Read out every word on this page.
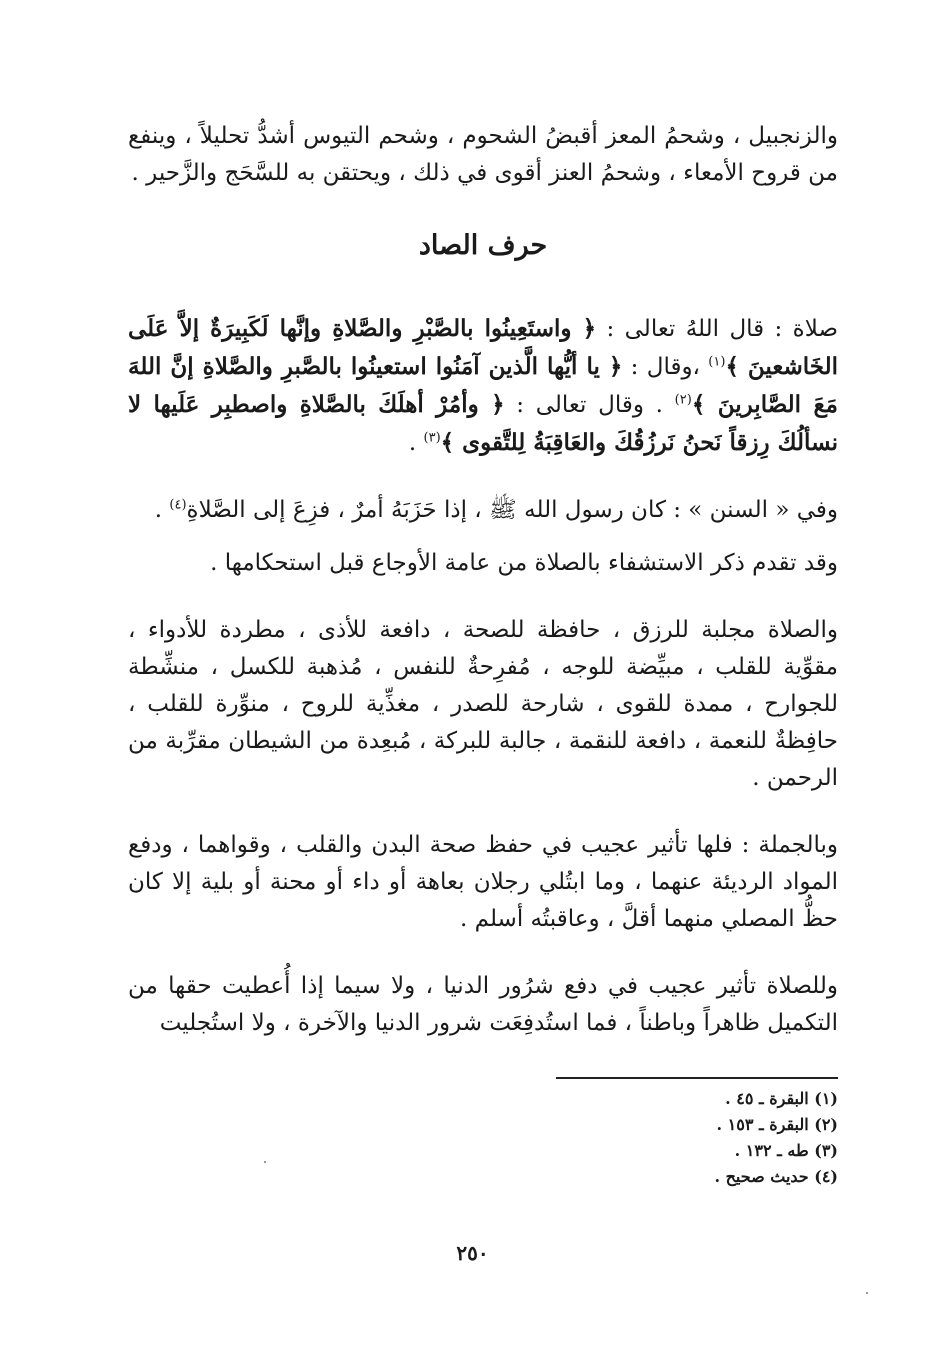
والزنجبيل ، وشحمُ المعز أقبضُ الشحوم ، وشحم التيوس أشدُّ تحليلاً ، وينفع من قروح الأمعاء ، وشحمُ العنز أقوى في ذلك ، ويحتقن به للسَّحَج والزَّحير .

حرف الصاد

صلاة : قال اللهُ تعالى : ﴿ واستَعِينُوا بالصَّبْرِ والصَّلاةِ وإنَّها لَكَبِيرَةٌ إلاَّ عَلَى الخَاشعينَ ﴾$^{(١)}$ ،وقال : ﴿ يا أيُّها الَّذين آمَنُوا استعينُوا بالصَّبرِ والصَّلاةِ إنَّ اللهَ مَعَ الصَّابِرينَ ﴾$^{(٢)}$ . وقال تعالى : ﴿ وأمُرْ أهلَكَ بالصَّلاةِ واصطبِر عَلَيها لا نسألُكَ رِزقاً نَحنُ نَرزُقُكَ والعَاقِبَةُ لِلتَّقوى ﴾$^{(٣)}$ .

وفي « السنن » : كان رسول الله ﷺ ، إذا حَزَبَهُ أمرٌ ، فزِعَ إلى الصَّلاةِ$^{(٤)}$ .

وقد تقدم ذكر الاستشفاء بالصلاة من عامة الأوجاع قبل استحكامها .

والصلاة مجلبة للرزق ، حافظة للصحة ، دافعة للأذى ، مطردة للأدواء ، مقوِّية للقلب ، مبيِّضة للوجه ، مُفرِحةٌ للنفس ، مُذهبة للكسل ، منشِّطة للجوارح ، ممدة للقوى ، شارحة للصدر ، مغذِّية للروح ، منوِّرة للقلب ، حافِظةٌ للنعمة ، دافعة للنقمة ، جالبة للبركة ، مُبعِدة من الشيطان مقرِّبة من الرحمن .

وبالجملة : فلها تأثير عجيب في حفظ صحة البدن والقلب ، وقواهما ، ودفع المواد الرديئة عنهما ، وما ابتُلي رجلان بعاهة أو داء أو محنة أو بلية إلا كان حظُّ المصلي منهما أقلَّ ، وعاقبتُه أسلم .

وللصلاة تأثير عجيب في دفع شرُور الدنيا ، ولا سيما إذا أُعطيت حقها من التكميل ظاهراً وباطناً ، فما استُدفِعَت شرور الدنيا والآخرة ، ولا استُجليت

(١) البقرة ـ ٤٥ .

(٢) البقرة ـ ١٥٣ .

(٣) طه ـ ١٣٢ .

(٤) حديث صحيح .

٢٥٠
